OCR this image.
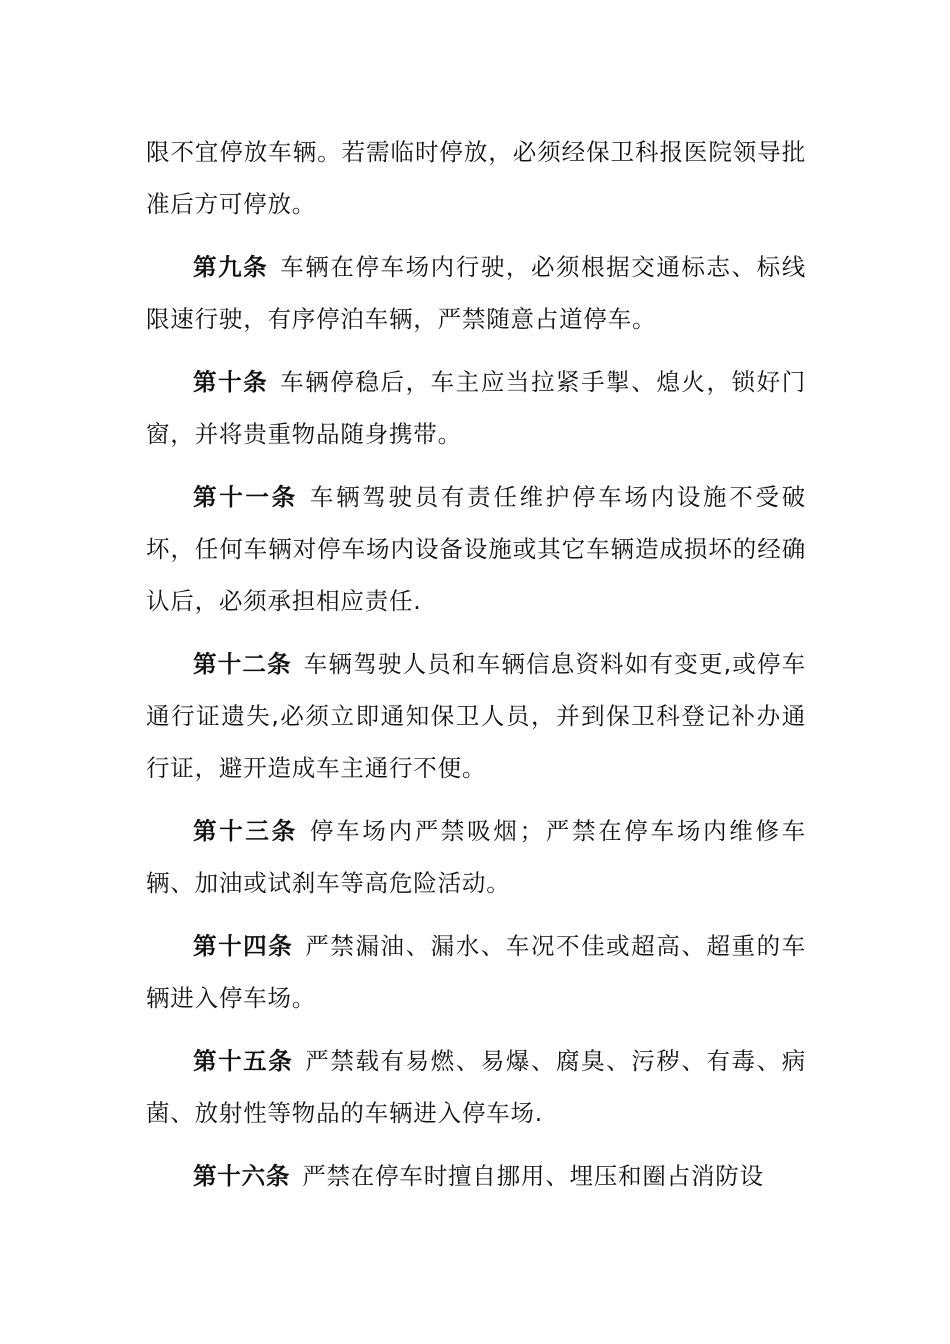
限不宜停放车辆。若需临时停放，必须经保卫科报医院领导批准后方可停放。

第九条 车辆在停车场内行驶，必须根据交通标志、标线限速行驶，有序停泊车辆，严禁随意占道停车。

第十条 车辆停稳后，车主应当拉紧手掣、熄火，锁好门窗，并将贵重物品随身携带。

第十一条 车辆驾驶员有责任维护停车场内设施不受破坏，任何车辆对停车场内设备设施或其它车辆造成损坏的经确认后，必须承担相应责任.

第十二条 车辆驾驶人员和车辆信息资料如有变更,或停车通行证遗失,必须立即通知保卫人员，并到保卫科登记补办通行证，避开造成车主通行不便。

第十三条 停车场内严禁吸烟；严禁在停车场内维修车辆、加油或试刹车等高危险活动。

第十四条 严禁漏油、漏水、车况不佳或超高、超重的车辆进入停车场。

第十五条 严禁载有易燃、易爆、腐臭、污秽、有毒、病菌、放射性等物品的车辆进入停车场.

第十六条 严禁在停车时擅自挪用、埋压和圈占消防设
